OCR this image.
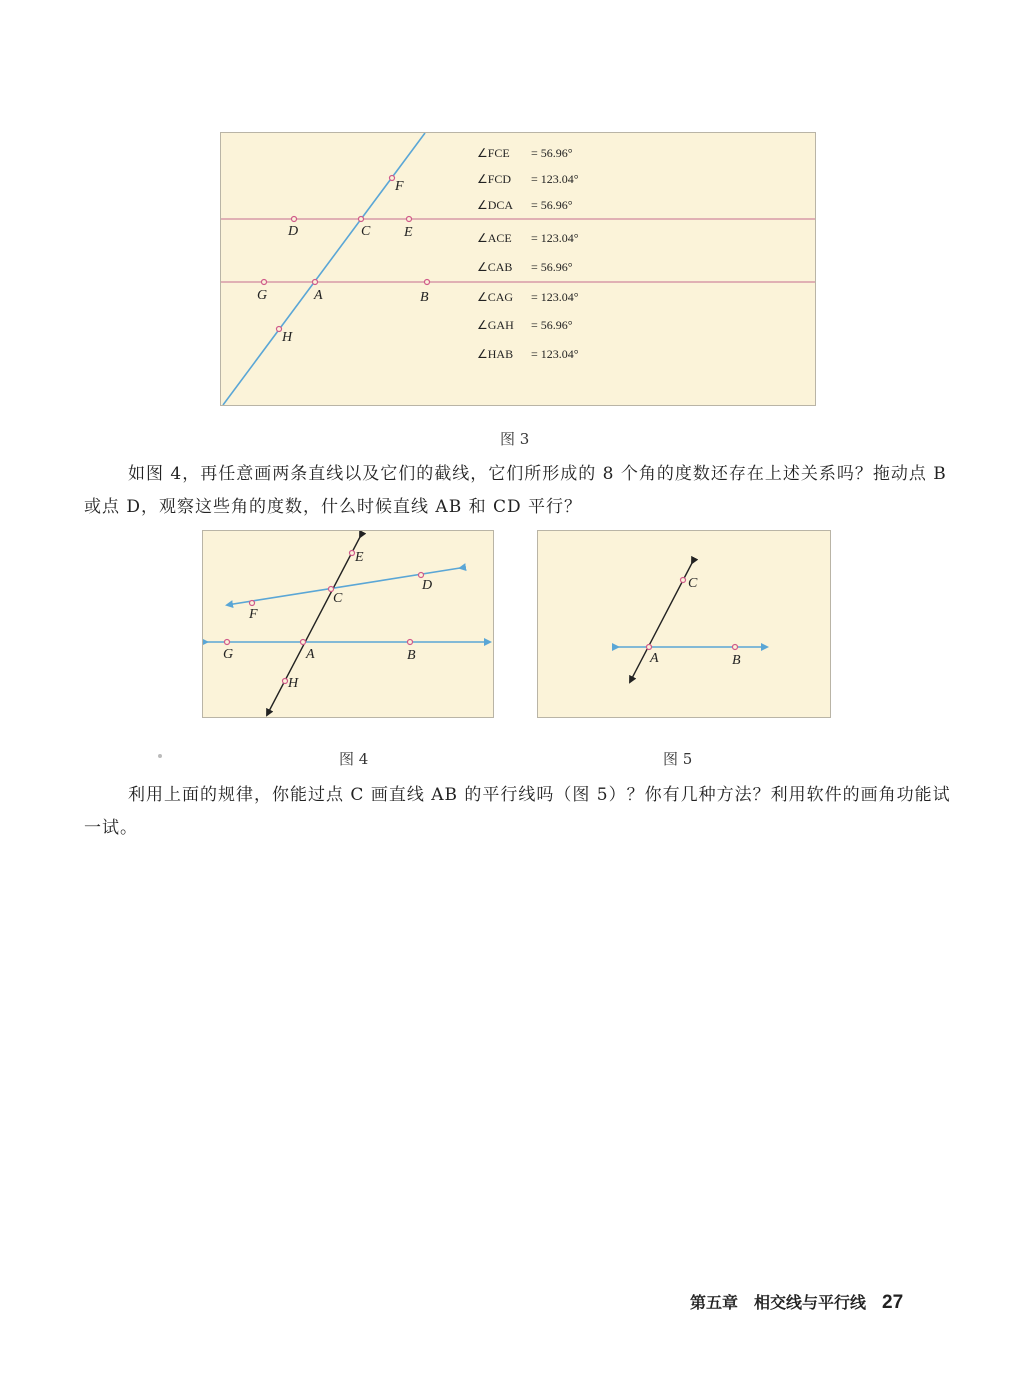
F
D	C E
G	A	B
H
∠FCE = 56.96°
∠FCD = 123.04°
∠DCA = 56.96°
∠ACE = 123.04°
∠CAB = 56.96°
∠CAG = 123.04°
∠GAH = 56.96°
∠HAB = 123.04°
图 3
如图 4，再任意画两条直线以及它们的截线，它们所形成的 8 个角的度数还存在上述关系吗？拖动点 B 或点 D，观察这些角的度数，什么时候直线 AB 和 CD 平行？
E
D
C
F
G	A	B
H
图 4
C
A	B
图 5
利用上面的规律，你能过点 C 画直线 AB 的平行线吗（图 5）？你有几种方法？利用软件的画角功能试一试。
第五章 相交线与平行线 27
